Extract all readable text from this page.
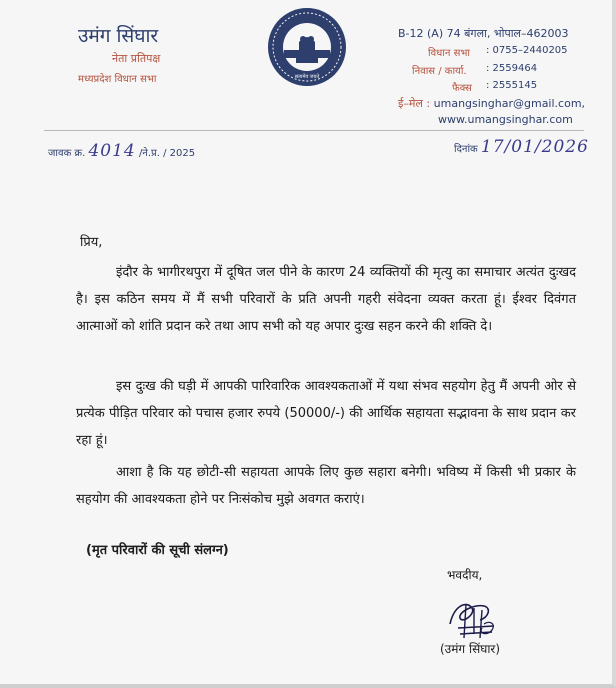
उमंग सिंघार
नेता प्रतिपक्ष
मध्यप्रदेश विधान सभा	सत्यमेव जयते
B-12 (A) 74 बंगला, भोपाल–462003
विधान सभा : 0755–2440205
निवास / कार्या. : 2559464
फैक्स : 2555145
ई–मेल : umangsinghar@gmail.com,
www.umangsinghar.com
जावक क्र. 4014 /ने.प्र. / 2025	दिनांक 17/01/2026
प्रिय,
इंदौर के भागीरथपुरा में दूषित जल पीने के कारण 24 व्यक्तियों की मृत्यु का समाचार अत्यंत दुःखद है। इस कठिन समय में मैं सभी परिवारों के प्रति अपनी गहरी संवेदना व्यक्त करता हूं। ईश्वर दिवंगत आत्माओं को शांति प्रदान करे तथा आप सभी को यह अपार दुःख सहन करने की शक्ति दे।
इस दुःख की घड़ी में आपकी पारिवारिक आवश्यकताओं में यथा संभव सहयोग हेतु मैं अपनी ओर से प्रत्येक पीड़ित परिवार को पचास हजार रुपये (50000/-) की आर्थिक सहायता सद्भावना के साथ प्रदान कर रहा हूं।
आशा है कि यह छोटी-सी सहायता आपके लिए कुछ सहारा बनेगी। भविष्य में किसी भी प्रकार के सहयोग की आवश्यकता होने पर निःसंकोच मुझे अवगत कराएं।
(मृत परिवारों की सूची संलग्न)
भवदीय,
(उमंग सिंघार)
